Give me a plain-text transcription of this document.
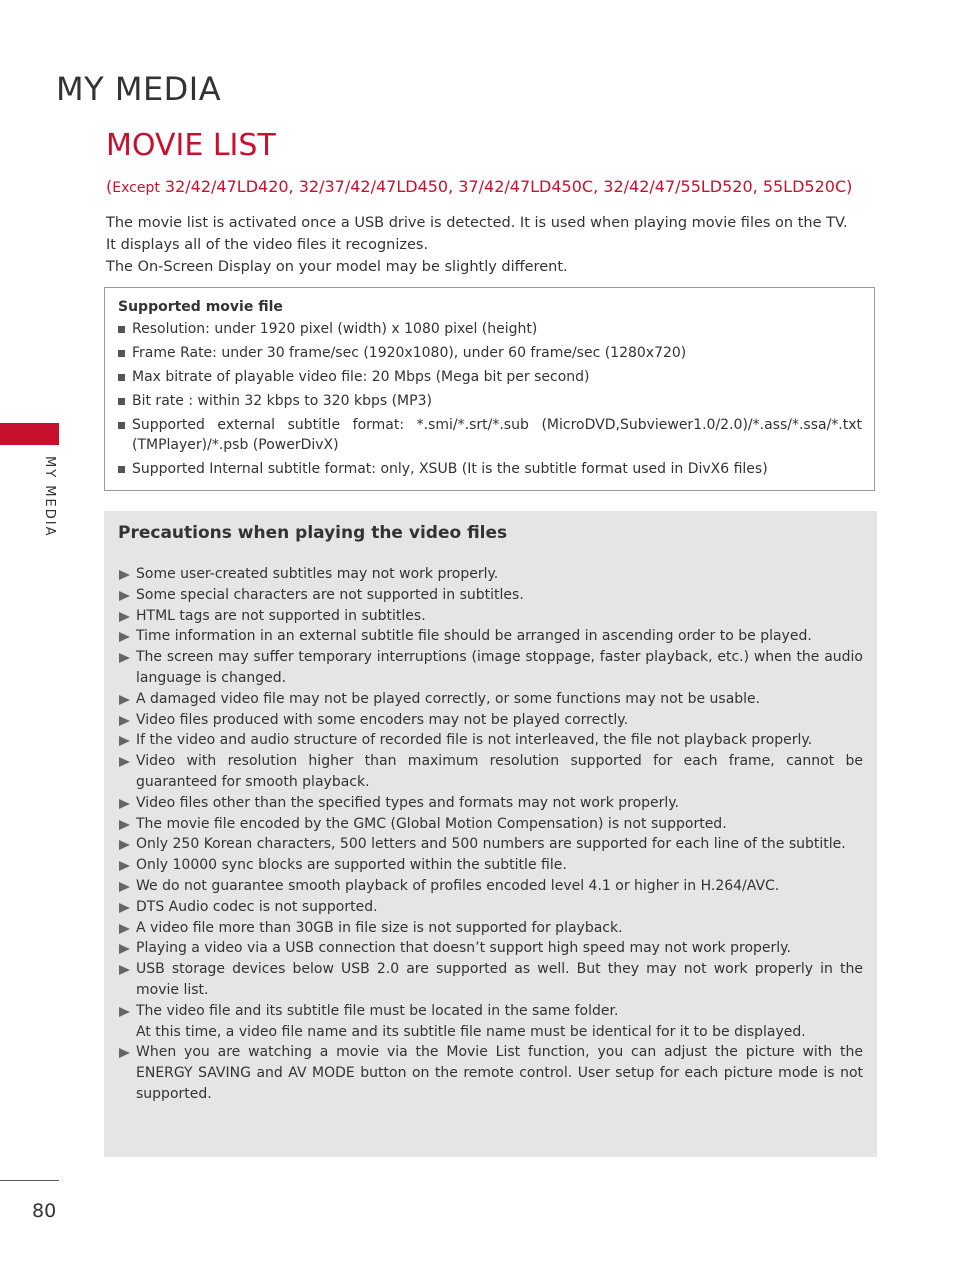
MY MEDIA
MOVIE LIST

(Except 32/42/47LD420, 32/37/42/47LD450, 37/42/47LD450C, 32/42/47/55LD520, 55LD520C)

The movie list is activated once a USB drive is detected. It is used when playing movie files on the TV.

It displays all of the video files it recognizes.

The On-Screen Display on your model may be slightly different.

Supported movie file

Resolution: under 1920 pixel (width) x 1080 pixel (height)
Frame Rate: under 30 frame/sec (1920x1080), under 60 frame/sec (1280x720)
Max bitrate of playable video file: 20 Mbps (Mega bit per second)
Bit rate : within 32 kbps to 320 kbps (MP3)
Supported external subtitle format: *.smi/*.srt/*.sub (MicroDVD,Subviewer1.0/2.0)/*.ass/*.ssa/*.txt (TMPlayer)/*.psb (PowerDivX)
Supported Internal subtitle format: only, XSUB (It is the subtitle format used in DivX6 files)

Precautions when playing the video files

Some user-created subtitles may not work properly.
Some special characters are not supported in subtitles.
HTML tags are not supported in subtitles.
Time information in an external subtitle file should be arranged in ascending order to be played.
The screen may suffer temporary interruptions (image stoppage, faster playback, etc.) when the audio language is changed.
A damaged video file may not be played correctly, or some functions may not be usable.
Video files produced with some encoders may not be played correctly.
If the video and audio structure of recorded file is not interleaved, the file not playback properly.
Video with resolution higher than maximum resolution supported for each frame, cannot be guaranteed for smooth playback.
Video files other than the specified types and formats may not work properly.
The movie file encoded by the GMC (Global Motion Compensation) is not supported.
Only 250 Korean characters, 500 letters and 500 numbers are supported for each line of the subtitle.
Only 10000 sync blocks are supported within the subtitle file.
We do not guarantee smooth playback of profiles encoded level 4.1 or higher in H.264/AVC.
DTS Audio codec is not supported.
A video file more than 30GB in file size is not supported for playback.
Playing a video via a USB connection that doesn’t support high speed may not work properly.
USB storage devices below USB 2.0 are supported as well. But they may not work properly in the movie list.
The video file and its subtitle file must be located in the same folder.
At this time, a video file name and its subtitle file name must be identical for it to be displayed.
When you are watching a movie via the Movie List function, you can adjust the picture with the ENERGY SAVING and AV MODE button on the remote control. User setup for each picture mode is not supported.
MY MEDIA
80
